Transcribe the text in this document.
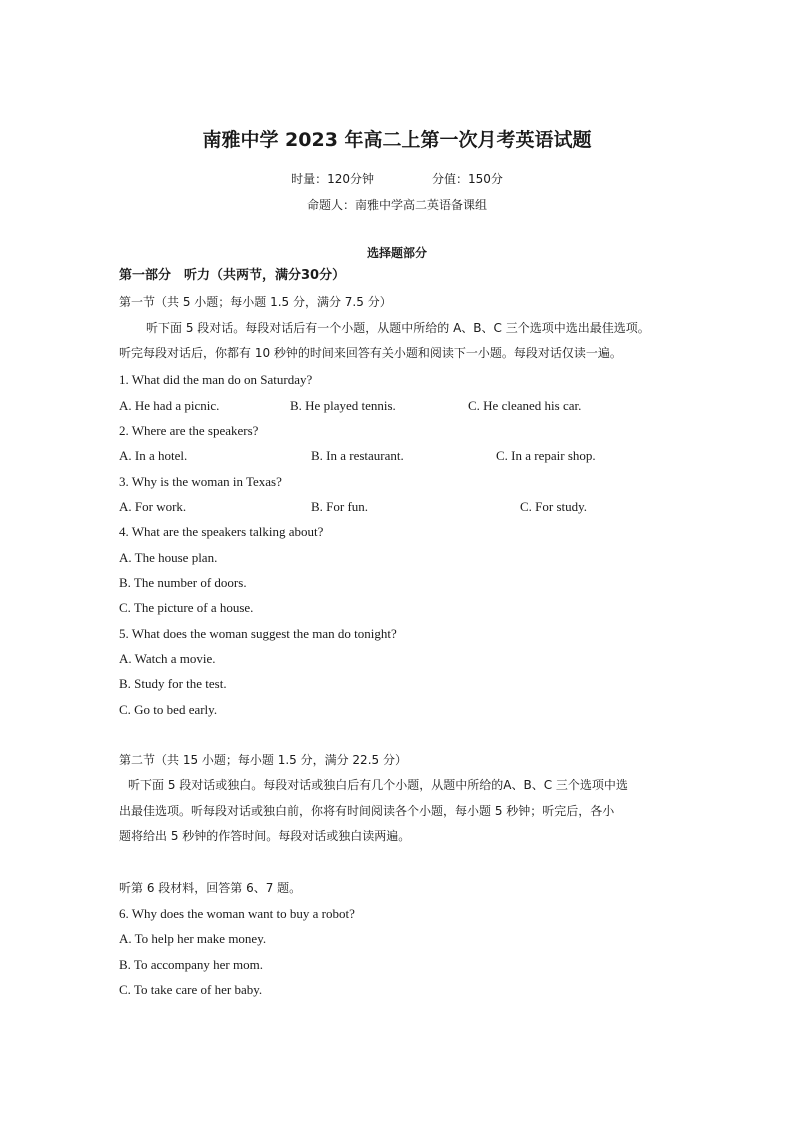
南雅中学 2023 年高二上第一次月考英语试题
时量：120分钟	分值：150分
命题人：南雅中学高二英语备课组
选择题部分
第一部分　听力（共两节，满分30分）
第一节（共 5 小题；每小题 1.5 分，满分 7.5 分）
听下面 5 段对话。每段对话后有一个小题，从题中所给的 A、B、C 三个选项中选出最佳选项。
听完每段对话后，你都有 10 秒钟的时间来回答有关小题和阅读下一小题。每段对话仅读一遍。
1. What did the man do on Saturday?
A. He had a picnic.	B. He played tennis.	C. He cleaned his car.
2. Where are the speakers?
A. In a hotel.	B. In a restaurant.	C. In a repair shop.
3. Why is the woman in Texas?
A. For work.	B. For fun.	C. For study.
4. What are the speakers talking about?
A. The house plan.
B. The number of doors.
C. The picture of a house.
5. What does the woman suggest the man do tonight?
A. Watch a movie.
B. Study for the test.
C. Go to bed early.
第二节（共 15 小题；每小题 1.5 分，满分 22.5 分）
听下面 5 段对话或独白。每段对话或独白后有几个小题，从题中所给的A、B、C 三个选项中选
出最佳选项。听每段对话或独白前，你将有时间阅读各个小题，每小题 5 秒钟；听完后，各小
题将给出 5 秒钟的作答时间。每段对话或独白读两遍。
听第 6 段材料，回答第 6、7 题。
6. Why does the woman want to buy a robot?
A. To help her make money.
B. To accompany her mom.
C. To take care of her baby.
